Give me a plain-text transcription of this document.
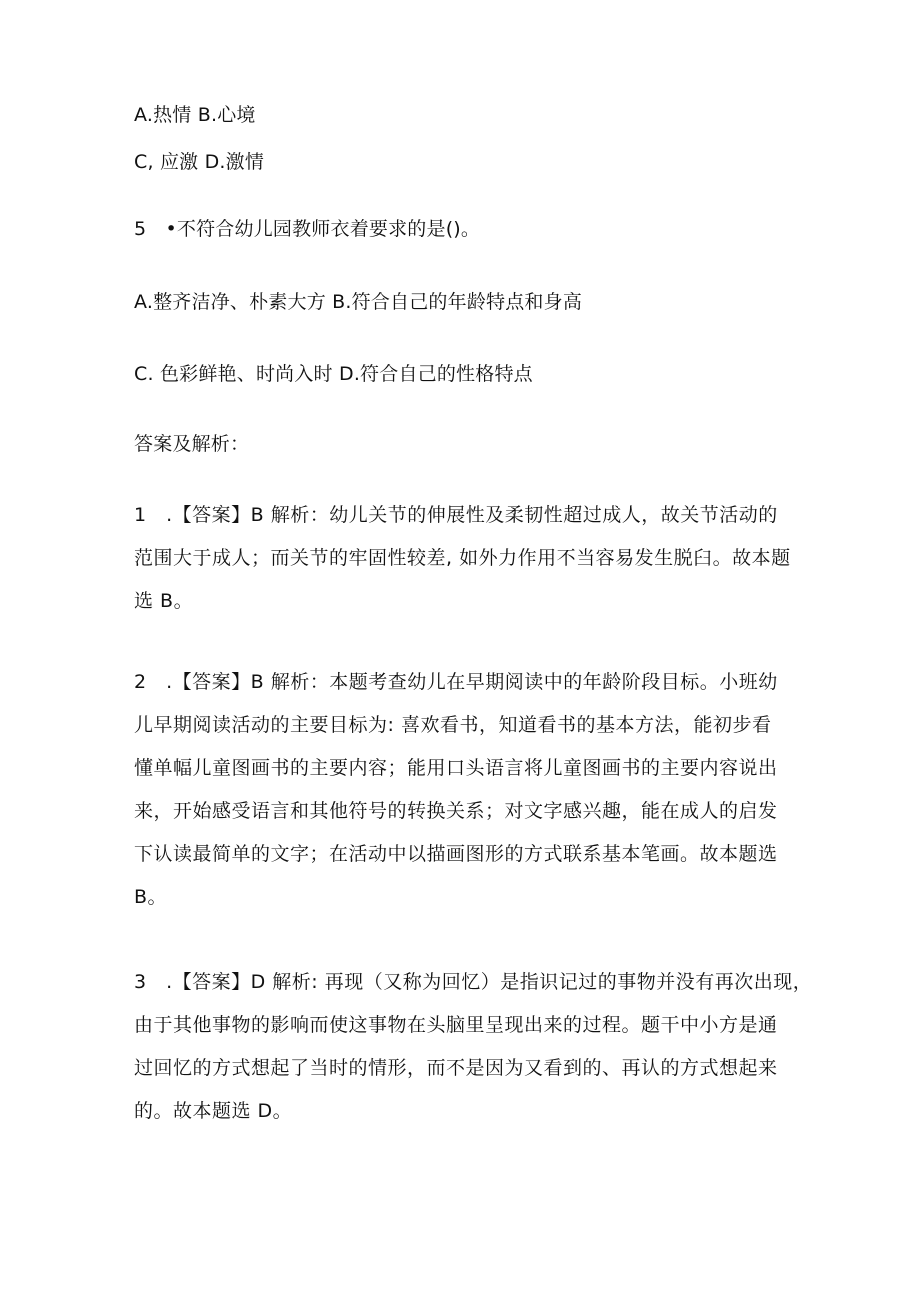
A.热情 B.心境
C, 应激 D.激情
5　•不符合幼儿园教师衣着要求的是()。
A.整齐洁净、朴素大方 B.符合自己的年龄特点和身高
C. 色彩鲜艳、时尚入时 D.符合自己的性格特点
答案及解析：
1　.【答案】B 解析：幼儿关节的伸展性及柔韧性超过成人，故关节活动的
范围大于成人；而关节的牢固性较差, 如外力作用不当容易发生脱臼。故本题
选 B。
2　.【答案】B 解析：本题考查幼儿在早期阅读中的年龄阶段目标。小班幼
儿早期阅读活动的主要目标为: 喜欢看书，知道看书的基本方法，能初步看
懂单幅儿童图画书的主要内容；能用口头语言将儿童图画书的主要内容说出
来，开始感受语言和其他符号的转换关系；对文字感兴趣，能在成人的启发
下认读最简单的文字；在活动中以描画图形的方式联系基本笔画。故本题选
B。
3　.【答案】D 解析: 再现（又称为回忆）是指识记过的事物并没有再次出现，
由于其他事物的影响而使这事物在头脑里呈现出来的过程。题干中小方是通
过回忆的方式想起了当时的情形，而不是因为又看到的、再认的方式想起来
的。故本题选 D。
